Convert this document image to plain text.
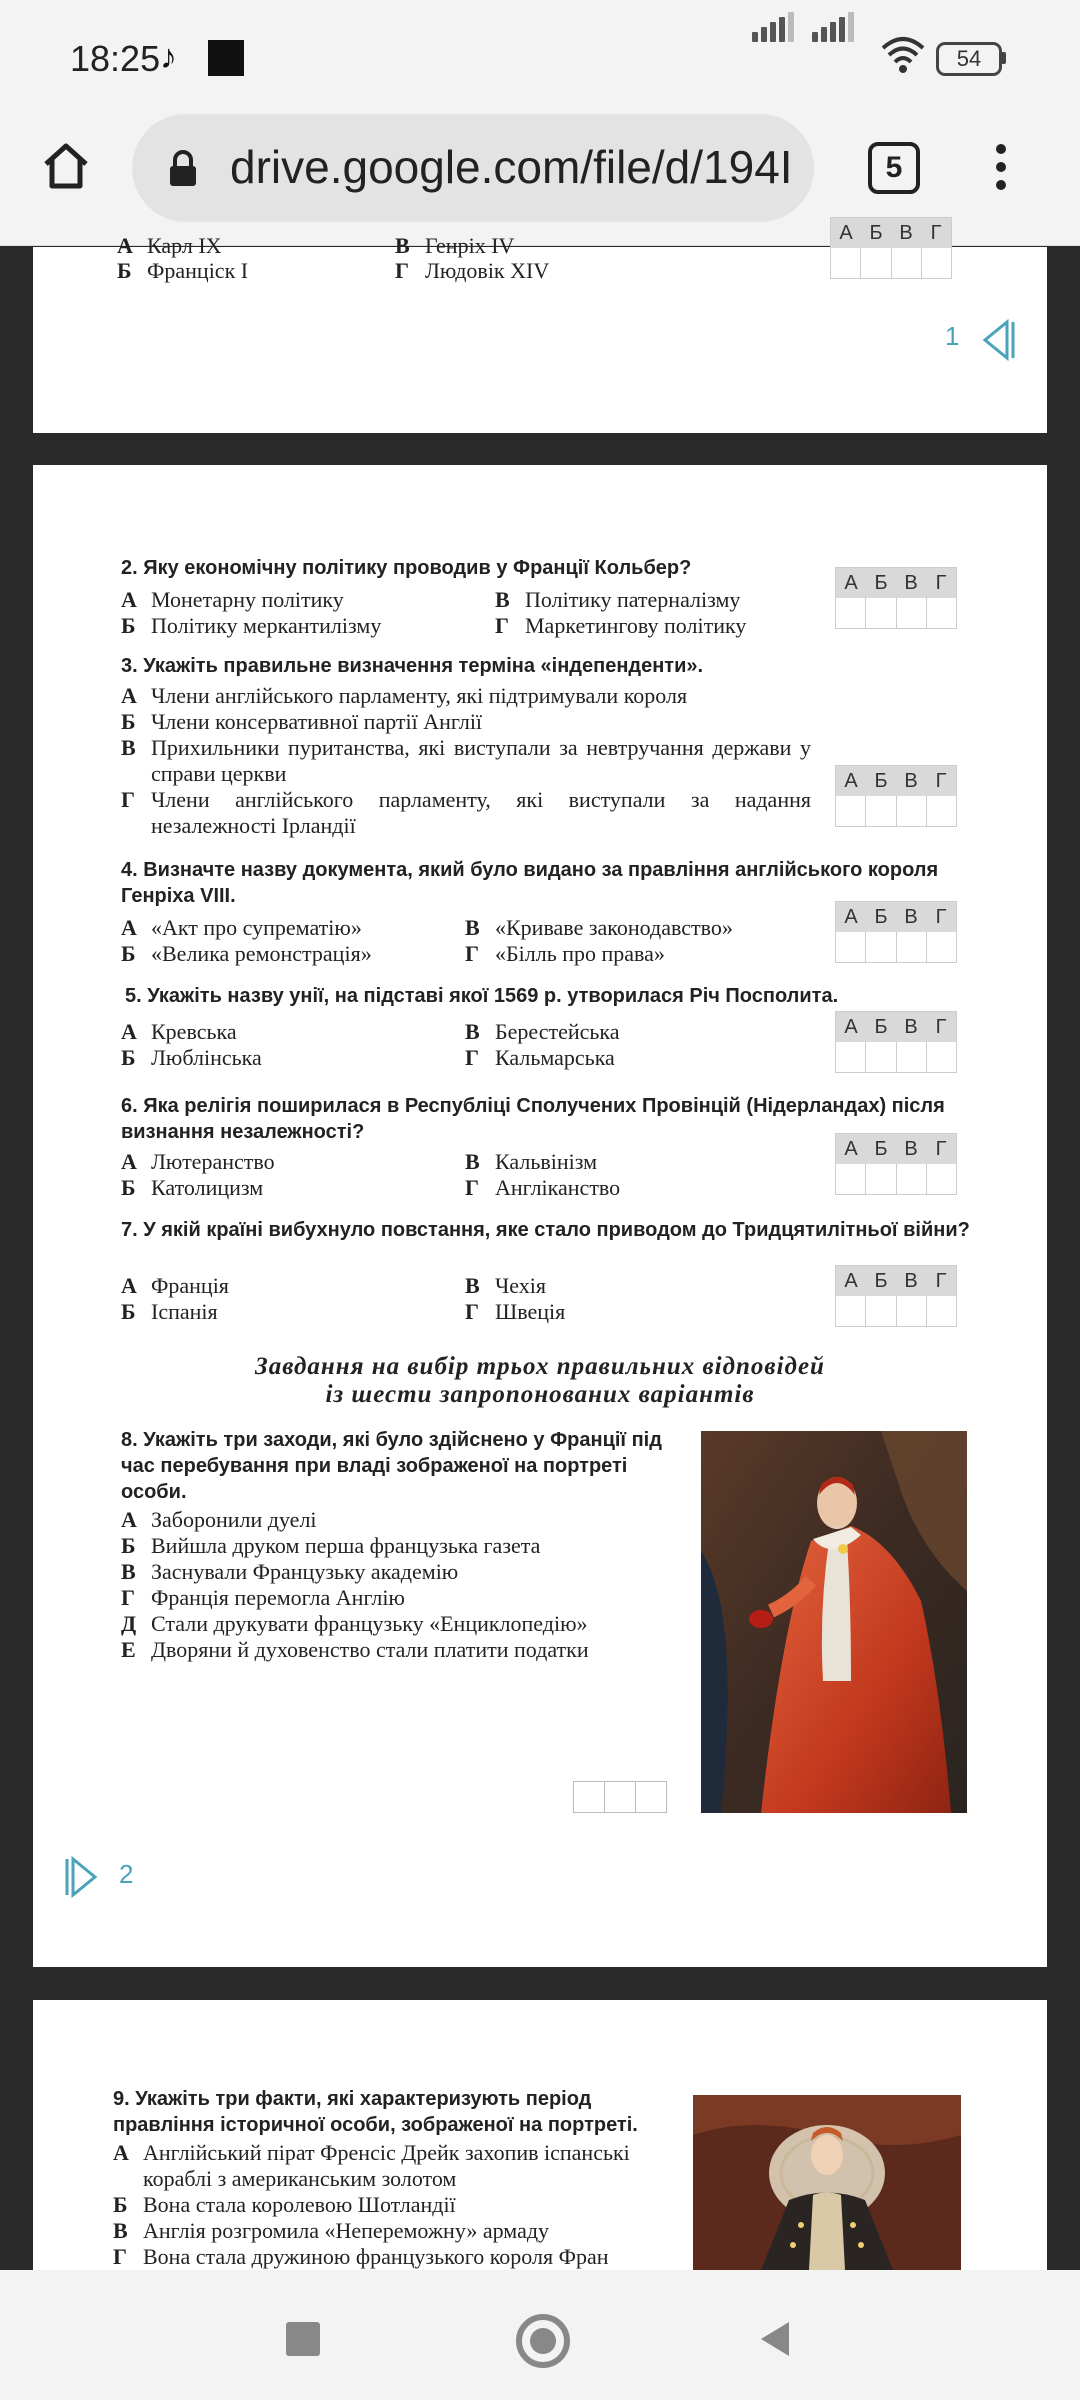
18:25 ♪	54
drive.google.com/file/d/194I	5
А Карл IX	В Генріх IV
Б Франціск I	Г Людовік XIV
А Б В Г
1
2. Яку економічну політику проводив у Франції Кольбер?
А Монетарну політику
Б Політику меркантилізму
В Політику патерналізму
Г Маркетингову політику
А Б В Г
3. Укажіть правильне визначення терміна «індепенденти».
А Члени англійського парламенту, які підтримували короля
Б Члени консервативної партії Англії
В Прихильники пуританства, які виступали за невтручання держави у справи церкви
Г Члени англійського парламенту, які виступали за надання незалежності Ірландії
А Б В Г
4. Визначте назву документа, який було видано за правління англійського короля Генріха VIII.
А «Акт про супрематію»
Б «Велика ремонстрація»
В «Криваве законодавство»
Г «Білль про права»
А Б В Г
5. Укажіть назву унії, на підставі якої 1569 р. утворилася Річ Посполита.
А Кревська
Б Люблінська
В Берестейська
Г Кальмарська
А Б В Г
6. Яка релігія поширилася в Республіці Сполучених Провінцій (Нідерландах) після визнання незалежності?
А Лютеранство
Б Католицизм
В Кальвінізм
Г Англіканство
А Б В Г
7. У якій країні вибухнуло повстання, яке стало приводом до Тридцятилітньої війни?
А Франція
Б Іспанія
В Чехія
Г Швеція
А Б В Г
Завдання на вибір трьох правильних відповідей
із шести запропонованих варіантів
8. Укажіть три заходи, які було здійснено у Франції під час перебування при владі зображеної на портреті особи.
А Заборонили дуелі
Б Вийшла друком перша французька газета
В Заснували Французьку академію
Г Франція перемогла Англію
Д Стали друкувати французьку «Енциклопедію»
Е Дворяни й духовенство стали платити податки
2
9. Укажіть три факти, які характеризують період правління історичної особи, зображеної на портреті.
А Англійський пірат Френсіс Дрейк захопив іспанські кораблі з американським золотом
Б Вона стала королевою Шотландії
В Англія розгромила «Непереможну» армаду
Г Вона стала дружиною французького короля Фран
